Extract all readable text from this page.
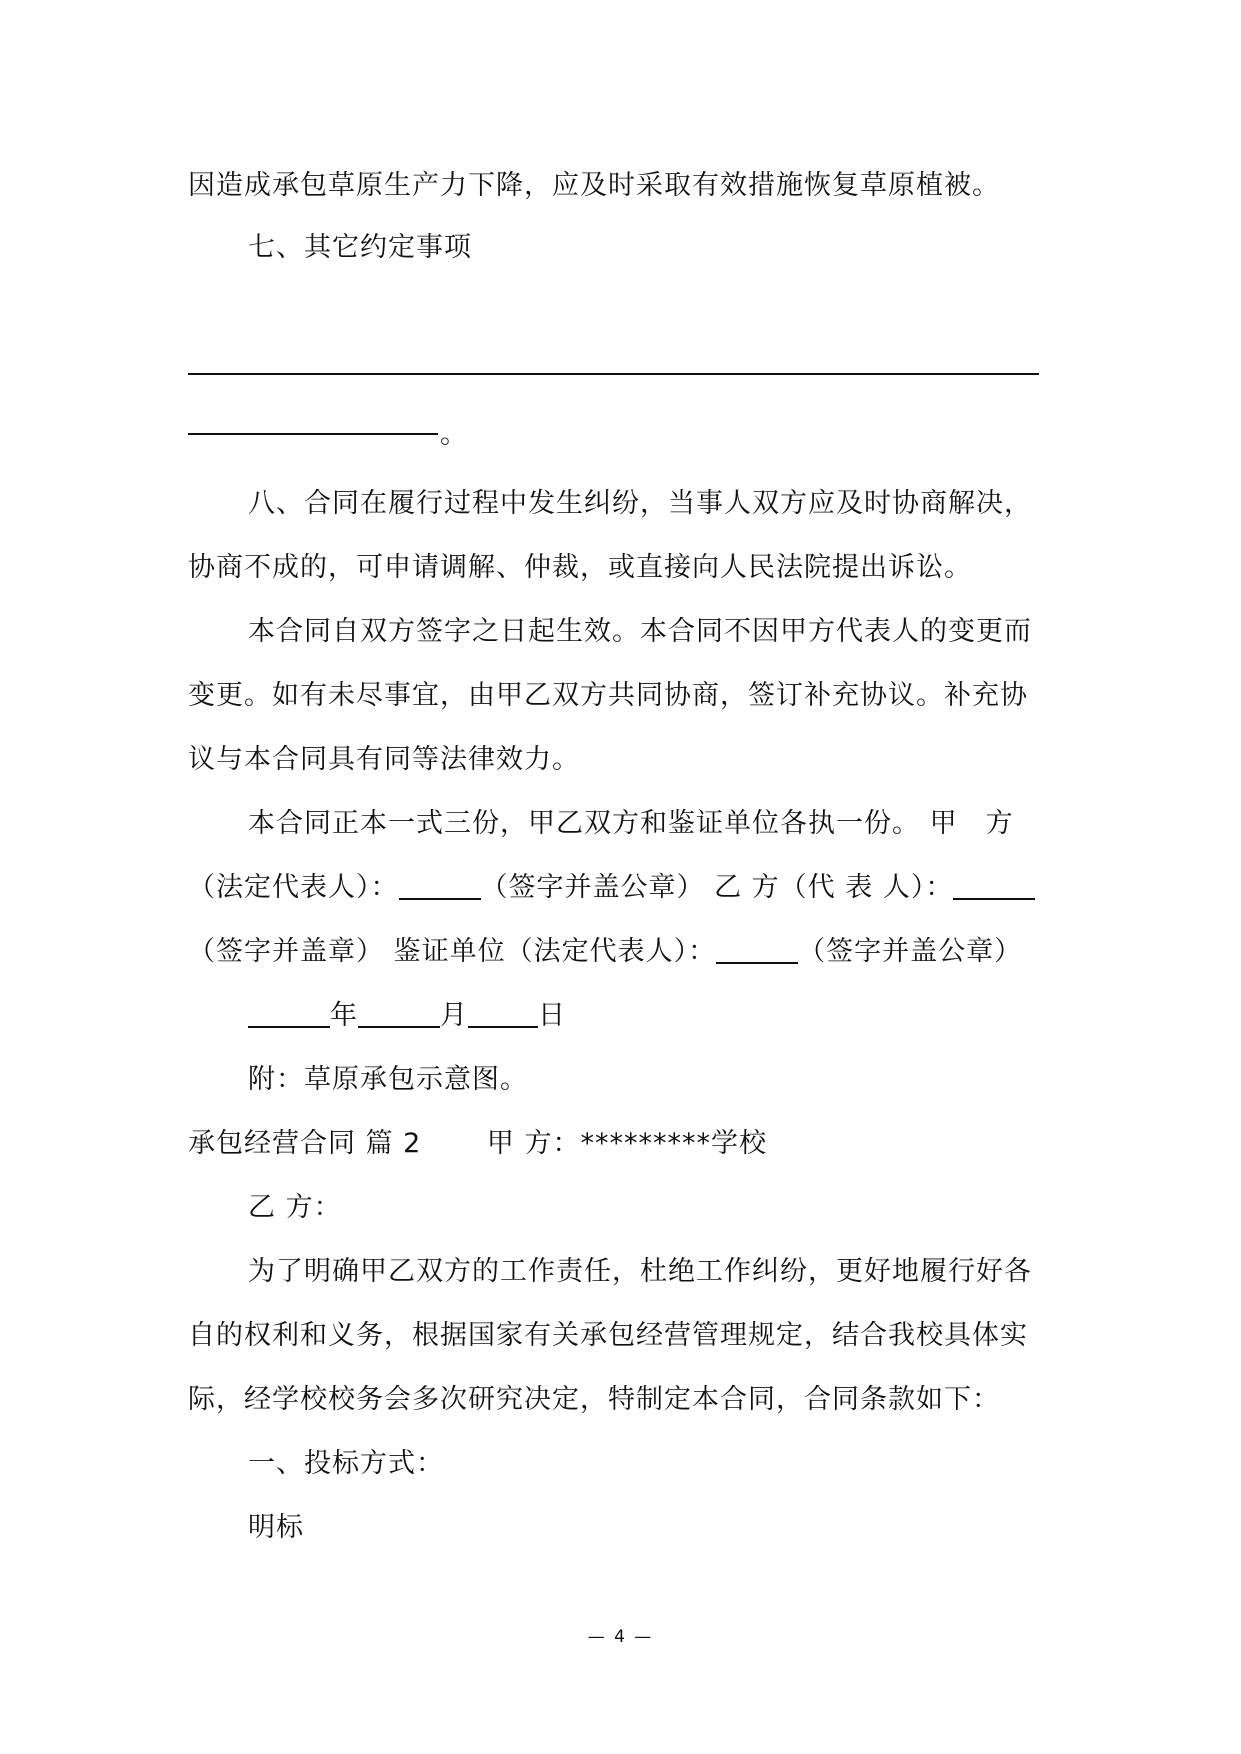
因造成承包草原生产力下降，应及时采取有效措施恢复草原植被。
七、其它约定事项
。
八、合同在履行过程中发生纠纷，当事人双方应及时协商解决，
协商不成的，可申请调解、仲裁，或直接向人民法院提出诉讼。
本合同自双方签字之日起生效。本合同不因甲方代表人的变更而
变更。如有未尽事宜，由甲乙双方共同协商，签订补充协议。补充协
议与本合同具有同等法律效力。
本合同正本一式三份，甲乙双方和鉴证单位各执一份。 甲　方
（法定代表人）：	（签字并盖公章） 乙 方（代 表 人）：
（签字并盖章） 鉴证单位（法定代表人）：	（签字并盖公章）
年	月	日
附：草原承包示意图。
承包经营合同 篇 2　　 甲 方：*********学校
乙 方：
为了明确甲乙双方的工作责任，杜绝工作纠纷，更好地履行好各
自的权利和义务，根据国家有关承包经营管理规定，结合我校具体实
际，经学校校务会多次研究决定，特制定本合同，合同条款如下：
一、投标方式：
明标
— 4 —
